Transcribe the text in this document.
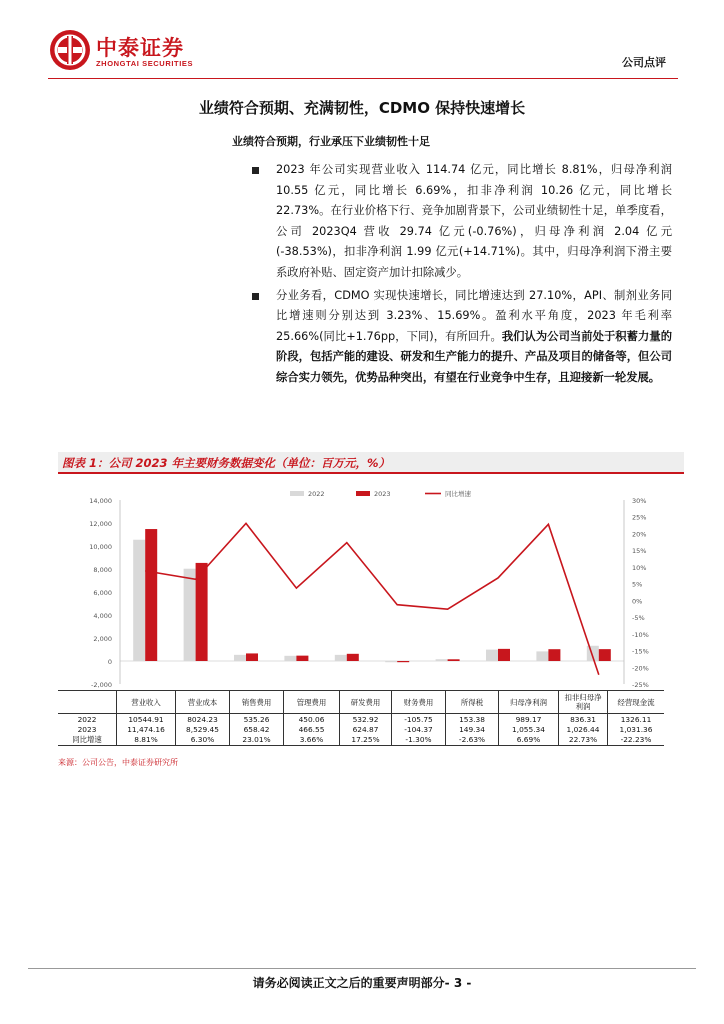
中泰证券
ZHONGTAI SECURITIES	公司点评
业绩符合预期、充满韧性，CDMO 保持快速增长
业绩符合预期，行业承压下业绩韧性十足
2023 年公司实现营业收入 114.74 亿元，同比增长 8.81%，归母净利润 10.55 亿元，同比增长 6.69%，扣非净利润 10.26 亿元，同比增长 22.73%。在行业价格下行、竞争加剧背景下，公司业绩韧性十足，单季度看，公司 2023Q4 营收 29.74 亿元(-0.76%)，归母净利润 2.04 亿元(-38.53%)，扣非净利润 1.99 亿元(+14.71%)。其中，归母净利润下滑主要系政府补贴、固定资产加计扣除减少。
分业务看，CDMO 实现快速增长，同比增速达到 27.10%，API、制剂业务同比增速则分别达到 3.23%、15.69%。盈利水平角度，2023 年毛利率 25.66%(同比+1.76pp，下同)，有所回升。我们认为公司当前处于积蓄力量的阶段，包括产能的建设、研发和生产能力的提升、产品及项目的储备等，但公司综合实力领先，优势品种突出，有望在行业竞争中生存，且迎接新一轮发展。
图表 1：公司 2023 年主要财务数据变化（单位：百万元，%）
14,000
12,000
10,000
8,000
6,000
4,000
2,000
0
-2,000
30%
25%
20%
15%
10%
5%
0%
-5%
-10%
-15%
-20%
-25%
2022	2023	同比增速
	营业收入	营业成本	销售费用	管理费用	研发费用	财务费用	所得税	归母净利润	扣非归母净利润	经营现金流
2022	10544.91	8024.23	535.26	450.06	532.92	-105.75	153.38	989.17	836.31	1326.11
2023	11,474.16	8,529.45	658.42	466.55	624.87	-104.37	149.34	1,055.34	1,026.44	1,031.36
同比增速	8.81%	6.30%	23.01%	3.66%	17.25%	-1.30%	-2.63%	6.69%	22.73%	-22.23%
来源：公司公告，中泰证券研究所
请务必阅读正文之后的重要声明部分- 3 -
